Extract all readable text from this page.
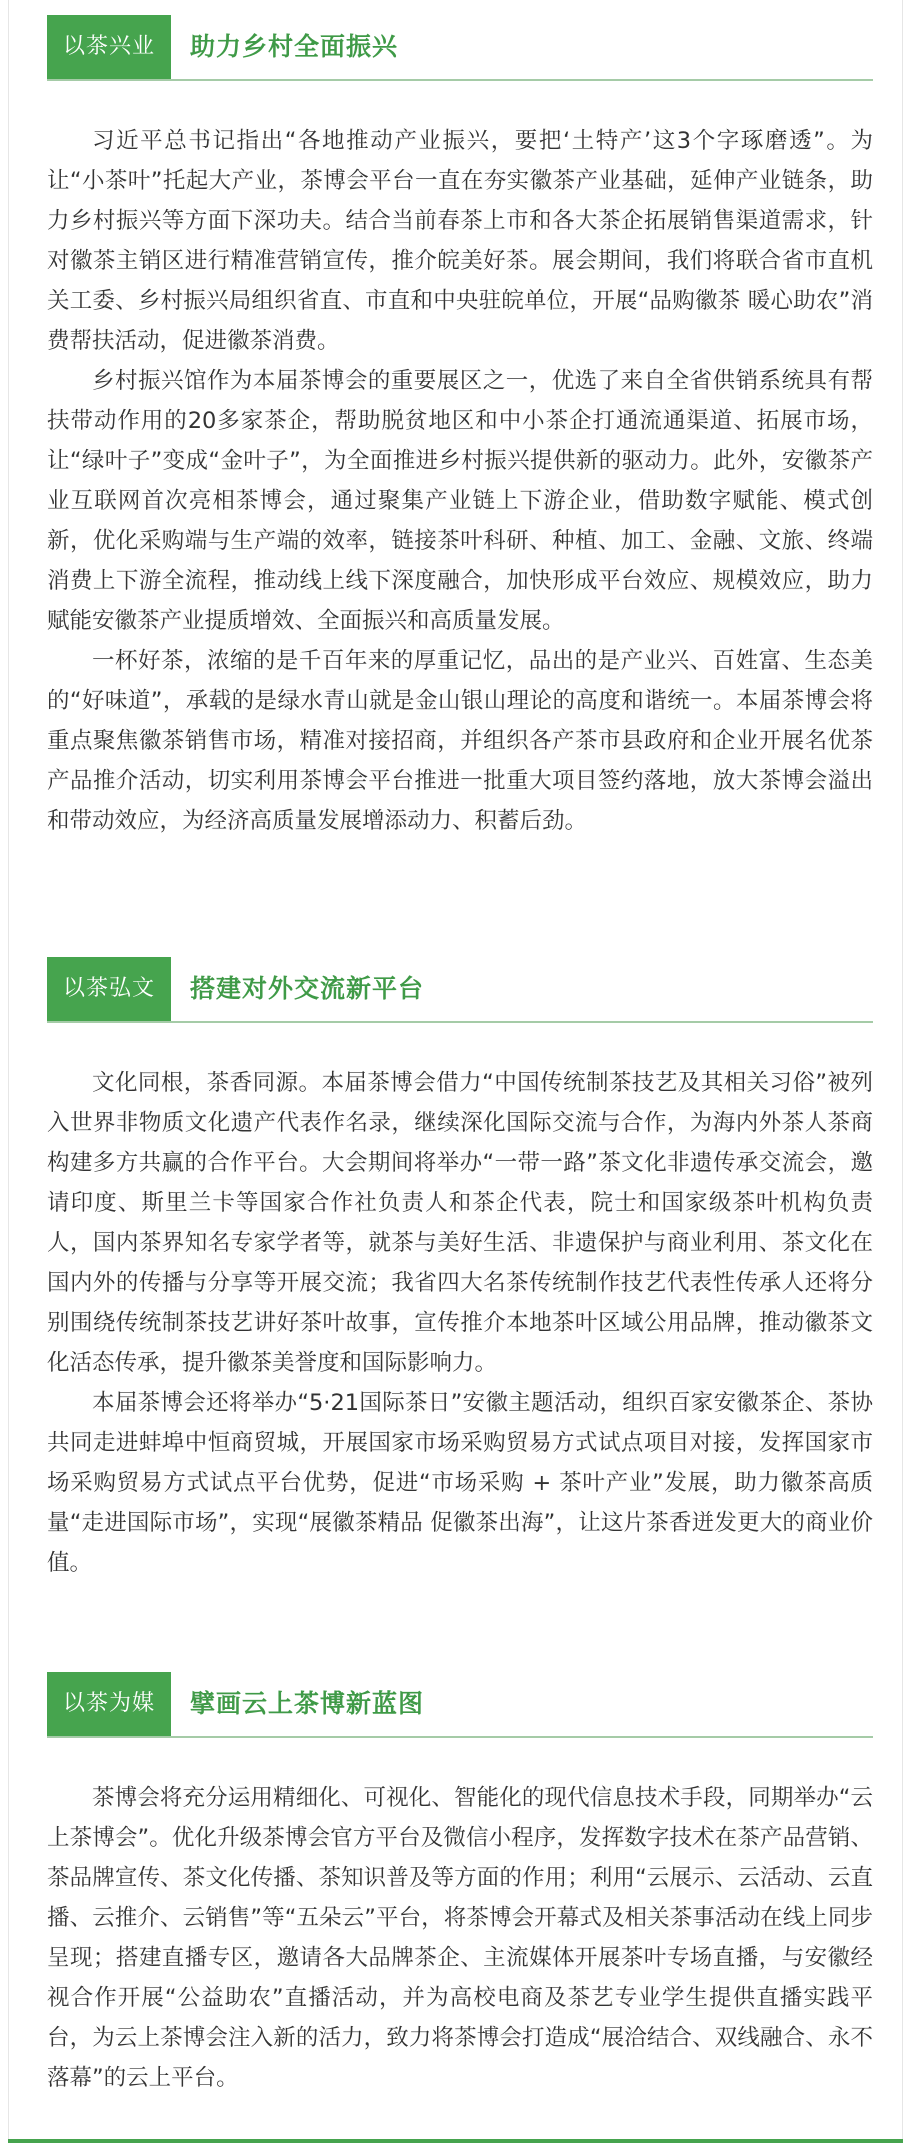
以茶兴业	助力乡村全面振兴

习近平总书记指出“各地推动产业振兴，要把‘土特产’这3个字琢磨透”。为让“小茶叶”托起大产业，茶博会平台一直在夯实徽茶产业基础，延伸产业链条，助力乡村振兴等方面下深功夫。结合当前春茶上市和各大茶企拓展销售渠道需求，针对徽茶主销区进行精准营销宣传，推介皖美好茶。展会期间，我们将联合省市直机关工委、乡村振兴局组织省直、市直和中央驻皖单位，开展“品购徽茶 暖心助农”消费帮扶活动，促进徽茶消费。

乡村振兴馆作为本届茶博会的重要展区之一，优选了来自全省供销系统具有帮扶带动作用的20多家茶企，帮助脱贫地区和中小茶企打通流通渠道、拓展市场，让“绿叶子”变成“金叶子”，为全面推进乡村振兴提供新的驱动力。此外，安徽茶产业互联网首次亮相茶博会，通过聚集产业链上下游企业，借助数字赋能、模式创新，优化采购端与生产端的效率，链接茶叶科研、种植、加工、金融、文旅、终端消费上下游全流程，推动线上线下深度融合，加快形成平台效应、规模效应，助力赋能安徽茶产业提质增效、全面振兴和高质量发展。

一杯好茶，浓缩的是千百年来的厚重记忆，品出的是产业兴、百姓富、生态美的“好味道”，承载的是绿水青山就是金山银山理论的高度和谐统一。本届茶博会将重点聚焦徽茶销售市场，精准对接招商，并组织各产茶市县政府和企业开展名优茶产品推介活动，切实利用茶博会平台推进一批重大项目签约落地，放大茶博会溢出和带动效应，为经济高质量发展增添动力、积蓄后劲。

以茶弘文	搭建对外交流新平台

文化同根，茶香同源。本届茶博会借力“中国传统制茶技艺及其相关习俗”被列入世界非物质文化遗产代表作名录，继续深化国际交流与合作，为海内外茶人茶商构建多方共赢的合作平台。大会期间将举办“一带一路”茶文化非遗传承交流会，邀请印度、斯里兰卡等国家合作社负责人和茶企代表，院士和国家级茶叶机构负责人，国内茶界知名专家学者等，就茶与美好生活、非遗保护与商业利用、茶文化在国内外的传播与分享等开展交流；我省四大名茶传统制作技艺代表性传承人还将分别围绕传统制茶技艺讲好茶叶故事，宣传推介本地茶叶区域公用品牌，推动徽茶文化活态传承，提升徽茶美誉度和国际影响力。

本届茶博会还将举办“5·21国际茶日”安徽主题活动，组织百家安徽茶企、茶协共同走进蚌埠中恒商贸城，开展国家市场采购贸易方式试点项目对接，发挥国家市场采购贸易方式试点平台优势，促进“市场采购 + 茶叶产业”发展，助力徽茶高质量“走进国际市场”，实现“展徽茶精品 促徽茶出海”，让这片茶香迸发更大的商业价值。

以茶为媒	擘画云上茶博新蓝图

茶博会将充分运用精细化、可视化、智能化的现代信息技术手段，同期举办“云上茶博会”。优化升级茶博会官方平台及微信小程序，发挥数字技术在茶产品营销、茶品牌宣传、茶文化传播、茶知识普及等方面的作用；利用“云展示、云活动、云直播、云推介、云销售”等“五朵云”平台，将茶博会开幕式及相关茶事活动在线上同步呈现；搭建直播专区，邀请各大品牌茶企、主流媒体开展茶叶专场直播，与安徽经视合作开展“公益助农”直播活动，并为高校电商及茶艺专业学生提供直播实践平台，为云上茶博会注入新的活力，致力将茶博会打造成“展洽结合、双线融合、永不落幕”的云上平台。
